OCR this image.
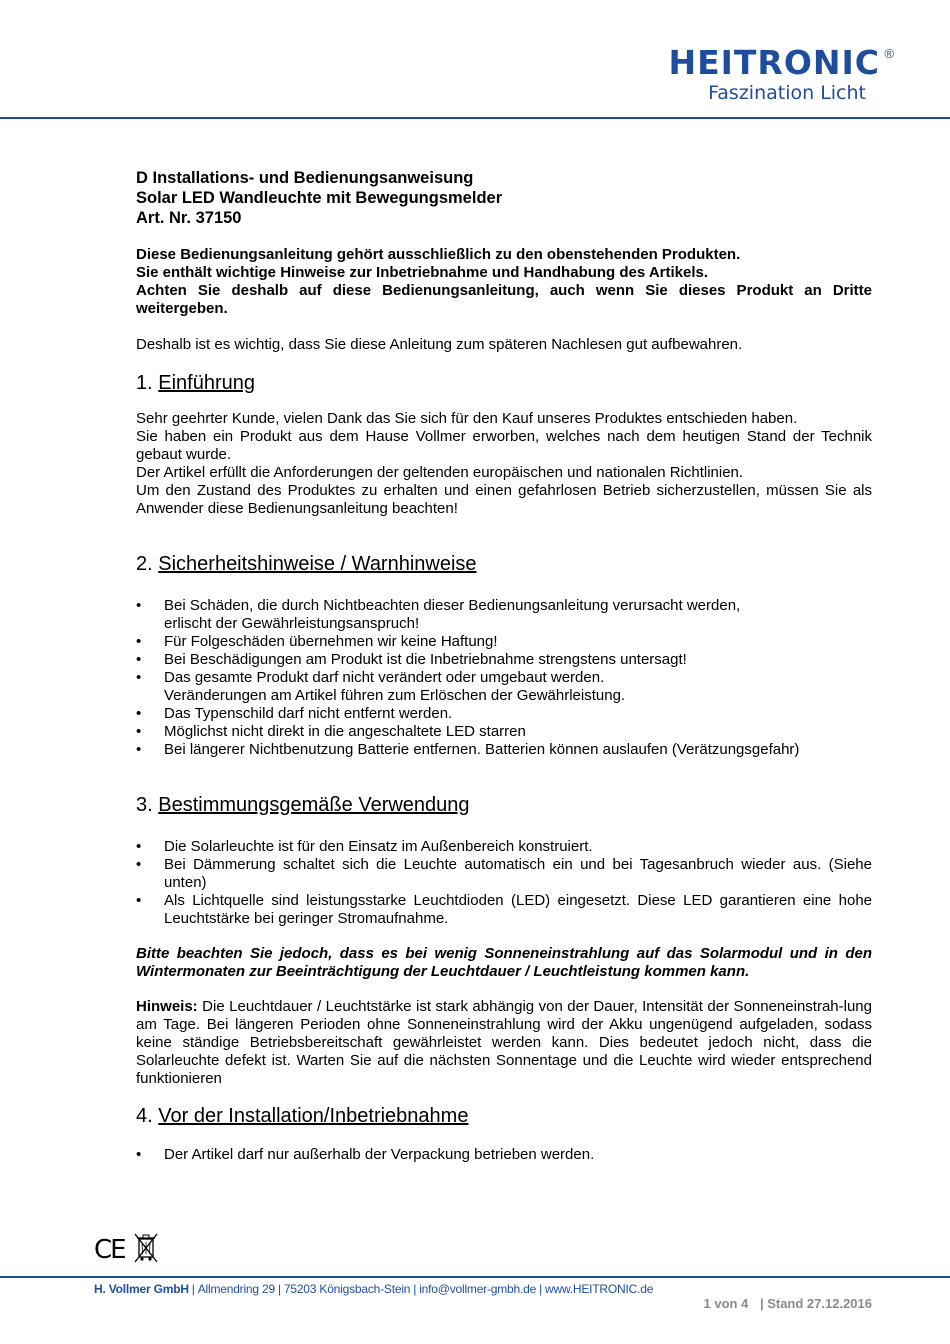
HEITRONIC ®
Faszination Licht

D Installations- und Bedienungsanweisung

Solar LED Wandleuchte mit Bewegungsmelder

Art. Nr. 37150

Diese Bedienungsanleitung gehört ausschließlich zu den obenstehenden Produkten.

Sie enthält wichtige Hinweise zur Inbetriebnahme und Handhabung des Artikels.

Achten Sie deshalb auf diese Bedienungsanleitung, auch wenn Sie dieses Produkt an Dritte weitergeben.

Deshalb ist es wichtig, dass Sie diese Anleitung zum späteren Nachlesen gut aufbewahren.

1. Einführung

Sehr geehrter Kunde, vielen Dank das Sie sich für den Kauf unseres Produktes entschieden haben.

Sie haben ein Produkt aus dem Hause Vollmer erworben, welches nach dem heutigen Stand der Technik gebaut wurde.

Der Artikel erfüllt die Anforderungen der geltenden europäischen und nationalen Richtlinien.

Um den Zustand des Produktes zu erhalten und einen gefahrlosen Betrieb sicherzustellen, müssen Sie als Anwender diese Bedienungsanleitung beachten!

2. Sicherheitshinweise / Warnhinweise
• Bei Schäden, die durch Nichtbeachten dieser Bedienungsanleitung verursacht werden,
erlischt der Gewährleistungsanspruch!
• Für Folgeschäden übernehmen wir keine Haftung!
• Bei Beschädigungen am Produkt ist die Inbetriebnahme strengstens untersagt!
• Das gesamte Produkt darf nicht verändert oder umgebaut werden.
Veränderungen am Artikel führen zum Erlöschen der Gewährleistung.
• Das Typenschild darf nicht entfernt werden.
• Möglichst nicht direkt in die angeschaltete LED starren
• Bei längerer Nichtbenutzung Batterie entfernen. Batterien können auslaufen (Verätzungsgefahr)
3. Bestimmungsgemäße Verwendung
• Die Solarleuchte ist für den Einsatz im Außenbereich konstruiert.
• Bei Dämmerung schaltet sich die Leuchte automatisch ein und bei Tagesanbruch wieder aus. (Siehe unten)
• Als Lichtquelle sind leistungsstarke Leuchtdioden (LED) eingesetzt. Diese LED garantieren eine hohe Leuchtstärke bei geringer Stromaufnahme.

Bitte beachten Sie jedoch, dass es bei wenig Sonneneinstrahlung auf das Solarmodul und in den Wintermonaten zur Beeinträchtigung der Leuchtdauer / Leuchtleistung kommen kann.

Hinweis: Die Leuchtdauer / Leuchtstärke ist stark abhängig von der Dauer, Intensität der Sonneneinstrah-lung am Tage. Bei längeren Perioden ohne Sonneneinstrahlung wird der Akku ungenügend aufgeladen, sodass keine ständige Betriebsbereitschaft gewährleistet werden kann. Dies bedeutet jedoch nicht, dass die Solarleuchte defekt ist. Warten Sie auf die nächsten Sonnentage und die Leuchte wird wieder entsprechend funktionieren

4. Vor der Installation/Inbetriebnahme
• Der Artikel darf nur außerhalb der Verpackung betrieben werden.
CE
H. Vollmer GmbH | Allmendring 29 | 75203 Königsbach-Stein | info@vollmer-gmbh.de | www.HEITRONIC.de
1 von 4 | Stand 27.12.2016
